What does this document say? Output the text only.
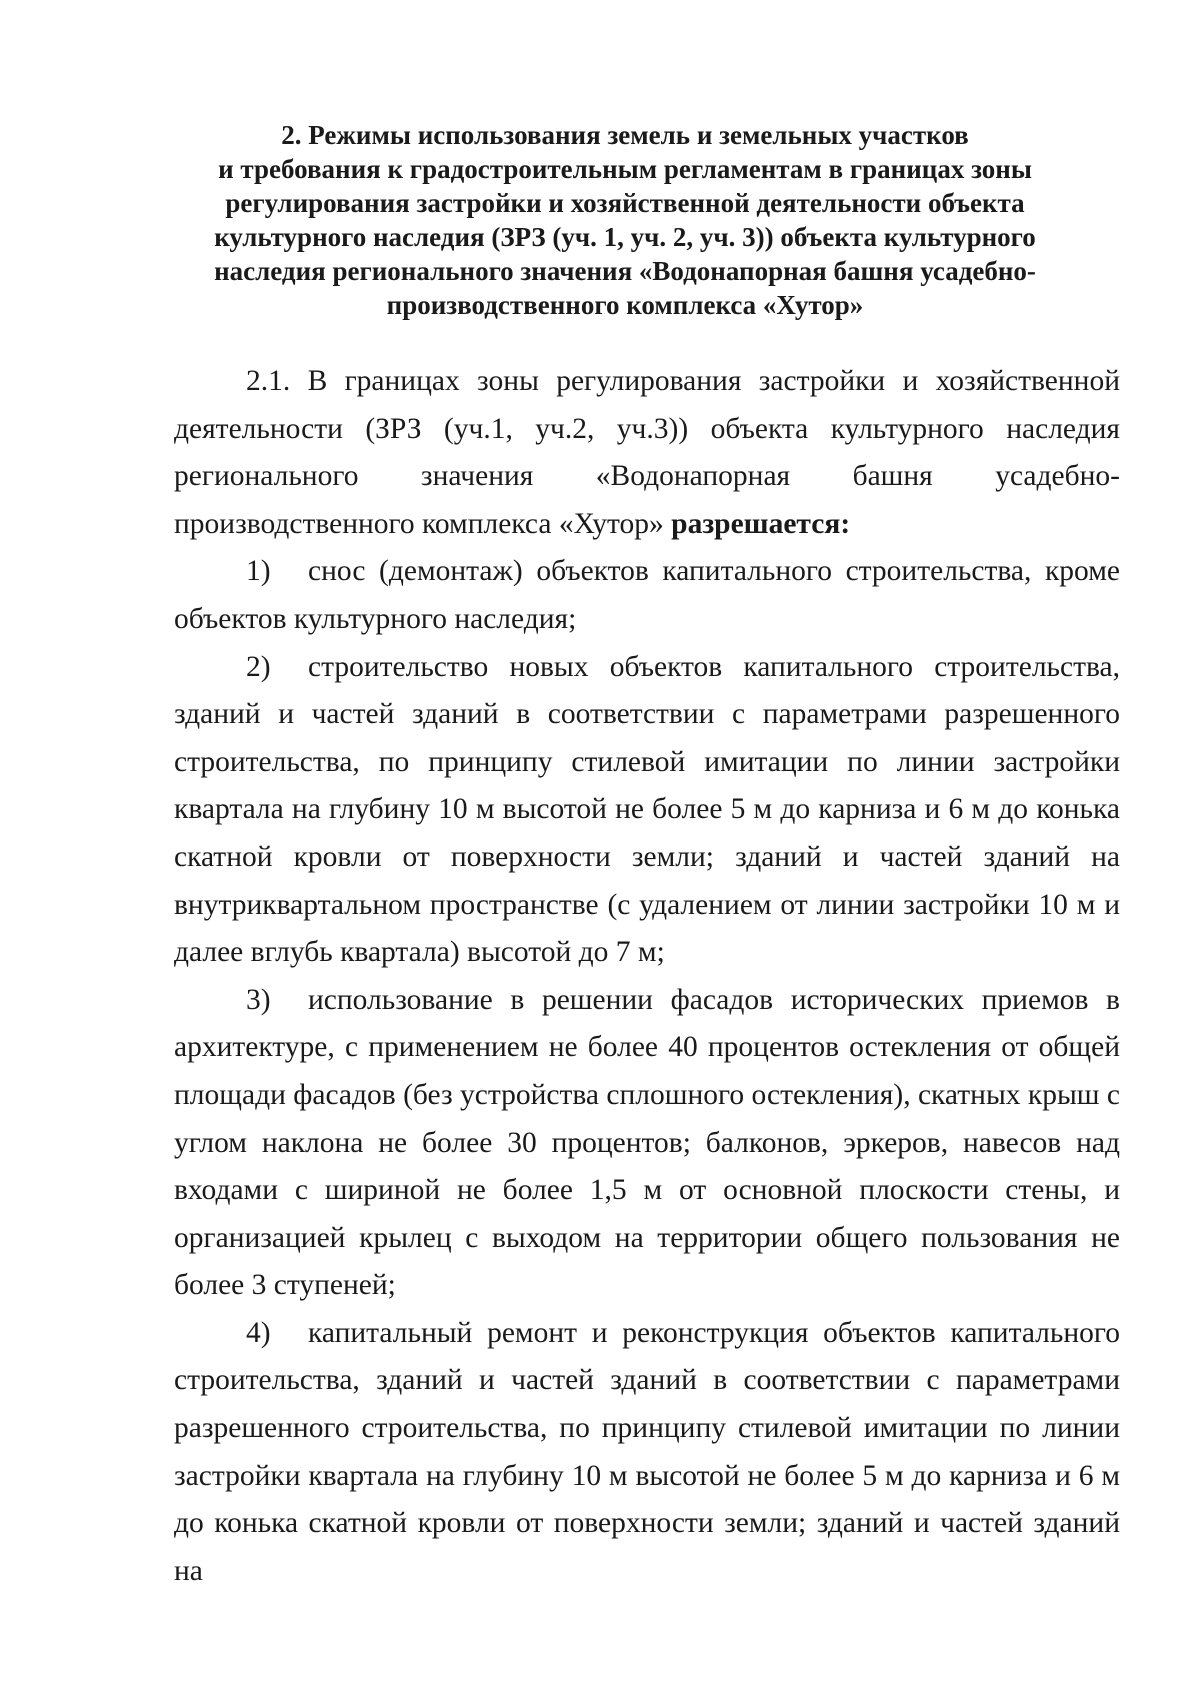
2. Режимы использования земель и земельных участков
и требования к градостроительным регламентам в границах зоны
регулирования застройки и хозяйственной деятельности объекта
культурного наследия (ЗРЗ (уч. 1, уч. 2, уч. 3)) объекта культурного
наследия регионального значения «Водонапорная башня усадебно-
производственного комплекса «Хутор»

2.1. В границах зоны регулирования застройки и хозяйственной деятельности (ЗРЗ (уч.1, уч.2, уч.3)) объекта культурного наследия регионального значения «Водонапорная башня усадебно-производственного комплекса «Хутор» разрешается:

1) снос (демонтаж) объектов капитального строительства, кроме объектов культурного наследия;

2) строительство новых объектов капитального строительства, зданий и частей зданий в соответствии с параметрами разрешенного строительства, по принципу стилевой имитации по линии застройки квартала на глубину 10 м высотой не более 5 м до карниза и 6 м до конька скатной кровли от поверхности земли; зданий и частей зданий на внутриквартальном пространстве (с удалением от линии застройки 10 м и далее вглубь квартала) высотой до 7 м;

3) использование в решении фасадов исторических приемов в архитектуре, с применением не более 40 процентов остекления от общей площади фасадов (без устройства сплошного остекления), скатных крыш с углом наклона не более 30 процентов; балконов, эркеров, навесов над входами с шириной не более 1,5 м от основной плоскости стены, и организацией крылец с выходом на территории общего пользования не более 3 ступеней;

4) капитальный ремонт и реконструкция объектов капитального строительства, зданий и частей зданий в соответствии с параметрами разрешенного строительства, по принципу стилевой имитации по линии застройки квартала на глубину 10 м высотой не более 5 м до карниза и 6 м до конька скатной кровли от поверхности земли; зданий и частей зданий на
